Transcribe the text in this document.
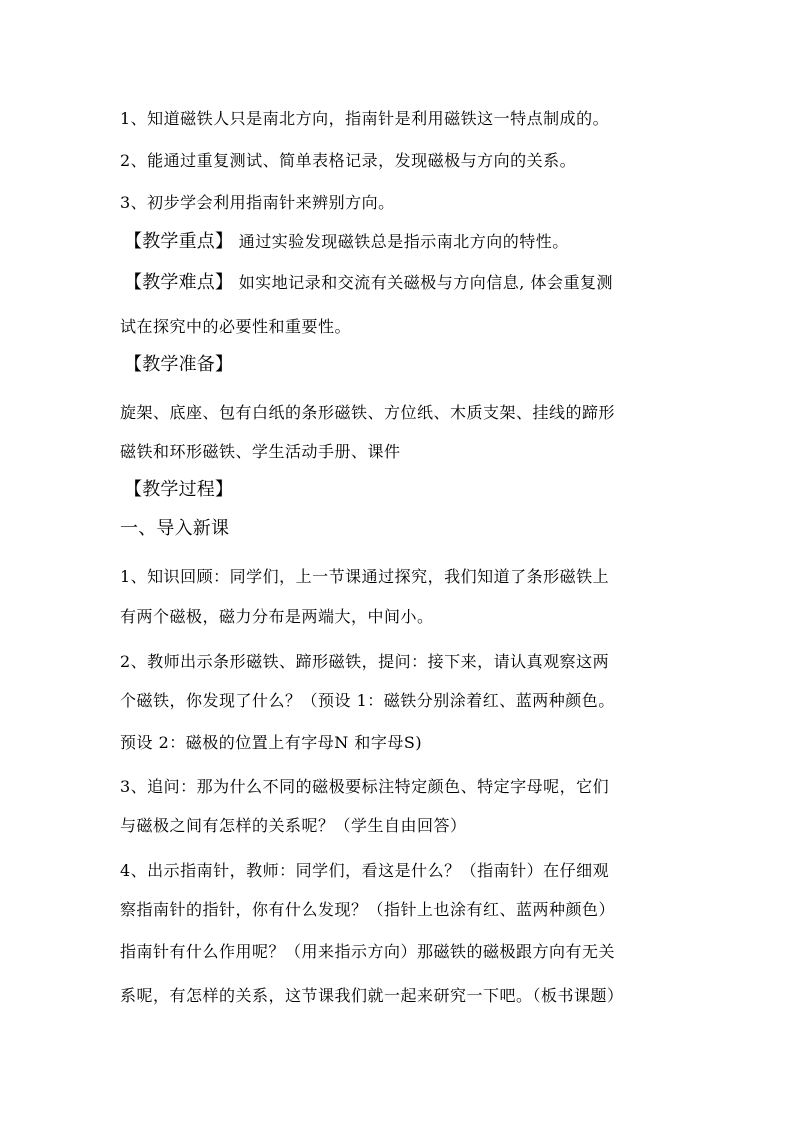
1、知道磁铁人只是南北方向，指南针是利用磁铁这一特点制成的。
2、能通过重复测试、简单表格记录，发现磁极与方向的关系。
3、初步学会利用指南针来辨别方向。
【教学重点】 通过实验发现磁铁总是指示南北方向的特性。
【教学难点】 如实地记录和交流有关磁极与方向信息, 体会重复测
试在探究中的必要性和重要性。
【教学准备】
旋架、底座、包有白纸的条形磁铁、方位纸、木质支架、挂线的蹄形
磁铁和环形磁铁、学生活动手册、课件
【教学过程】
一、导入新课
1、知识回顾：同学们，上一节课通过探究，我们知道了条形磁铁上
有两个磁极，磁力分布是两端大，中间小。
2、教师出示条形磁铁、蹄形磁铁，提问：接下来，请认真观察这两
个磁铁，你发现了什么？（预设 1：磁铁分别涂着红、蓝两种颜色。
预设 2：磁极的位置上有字母N 和字母S)
3、追问：那为什么不同的磁极要标注特定颜色、特定字母呢，它们
与磁极之间有怎样的关系呢？（学生自由回答）
4、出示指南针，教师：同学们，看这是什么？（指南针）在仔细观
察指南针的指针，你有什么发现？（指针上也涂有红、蓝两种颜色）
指南针有什么作用呢？（用来指示方向）那磁铁的磁极跟方向有无关
系呢，有怎样的关系，这节课我们就一起来研究一下吧。（板书课题）
